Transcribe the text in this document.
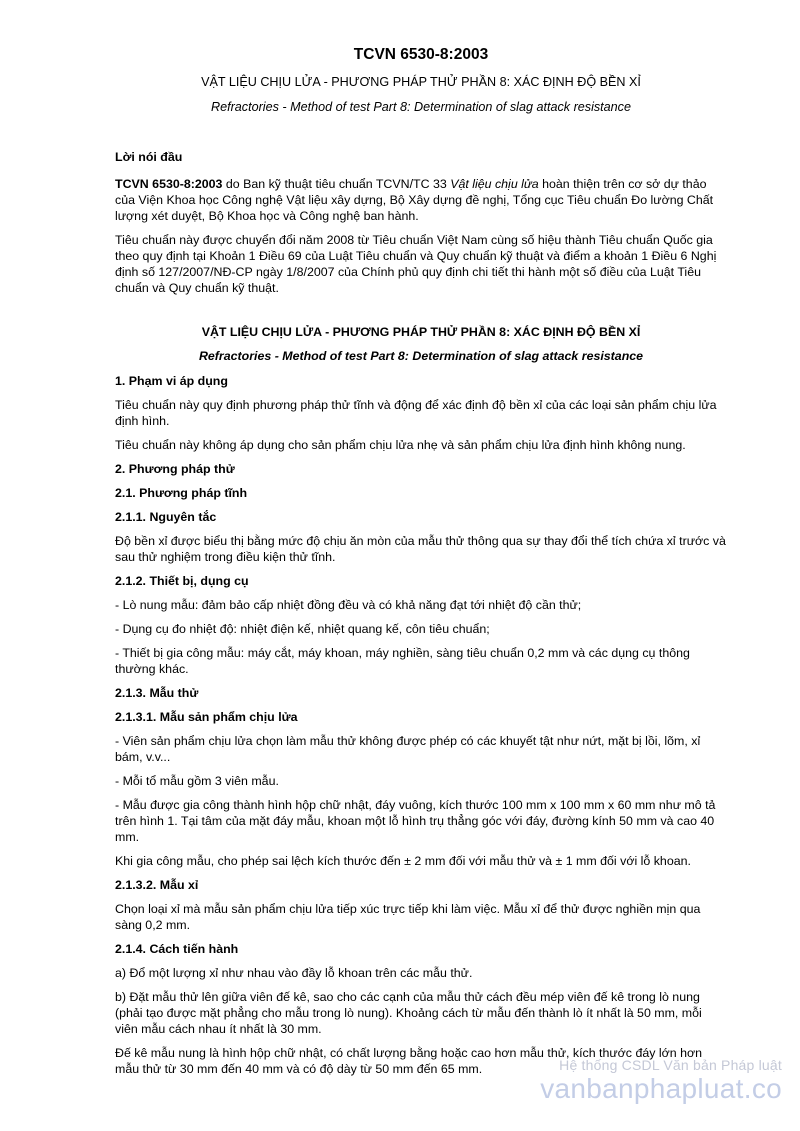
TCVN 6530-8:2003
VẬT LIỆU CHỊU LỬA - PHƯƠNG PHÁP THỬ PHẦN 8: XÁC ĐỊNH ĐỘ BỀN XỈ
Refractories - Method of test Part 8: Determination of slag attack resistance
Lời nói đầu

TCVN 6530-8:2003 do Ban kỹ thuật tiêu chuẩn TCVN/TC 33 Vật liệu chịu lửa hoàn thiện trên cơ sở dự thảo của Viện Khoa học Công nghệ Vật liệu xây dựng, Bộ Xây dựng đề nghị, Tổng cục Tiêu chuẩn Đo lường Chất lượng xét duyệt, Bộ Khoa học và Công nghệ ban hành.

Tiêu chuẩn này được chuyển đổi năm 2008 từ Tiêu chuẩn Việt Nam cùng số hiệu thành Tiêu chuẩn Quốc gia theo quy định tại Khoản 1 Điều 69 của Luật Tiêu chuẩn và Quy chuẩn kỹ thuật và điểm a khoản 1 Điều 6 Nghị định số 127/2007/NĐ-CP ngày 1/8/2007 của Chính phủ quy định chi tiết thi hành một số điều của Luật Tiêu chuẩn và Quy chuẩn kỹ thuật.

VẬT LIỆU CHỊU LỬA - PHƯƠNG PHÁP THỬ PHẦN 8: XÁC ĐỊNH ĐỘ BỀN XỈ
Refractories - Method of test Part 8: Determination of slag attack resistance
1. Phạm vi áp dụng

Tiêu chuẩn này quy định phương pháp thử tĩnh và động để xác định độ bền xỉ của các loại sản phẩm chịu lửa định hình.

Tiêu chuẩn này không áp dụng cho sản phẩm chịu lửa nhẹ và sản phẩm chịu lửa định hình không nung.

2. Phương pháp thử
2.1. Phương pháp tĩnh
2.1.1. Nguyên tắc

Độ bền xỉ được biểu thị bằng mức độ chịu ăn mòn của mẫu thử thông qua sự thay đổi thể tích chứa xỉ trước và sau thử nghiệm trong điều kiện thử tĩnh.

2.1.2. Thiết bị, dụng cụ

- Lò nung mẫu: đảm bảo cấp nhiệt đồng đều và có khả năng đạt tới nhiệt độ cần thử;

- Dụng cụ đo nhiệt độ: nhiệt điện kế, nhiệt quang kế, côn tiêu chuẩn;

- Thiết bị gia công mẫu: máy cắt, máy khoan, máy nghiền, sàng tiêu chuẩn 0,2 mm và các dụng cụ thông thường khác.

2.1.3. Mẫu thử
2.1.3.1. Mẫu sản phẩm chịu lửa

- Viên sản phẩm chịu lửa chọn làm mẫu thử không được phép có các khuyết tật như nứt, mặt bị lồi, lõm, xỉ bám, v.v...

- Mỗi tổ mẫu gồm 3 viên mẫu.

- Mẫu được gia công thành hình hộp chữ nhật, đáy vuông, kích thước 100 mm x 100 mm x 60 mm như mô tả trên hình 1. Tại tâm của mặt đáy mẫu, khoan một lỗ hình trụ thẳng góc với đáy, đường kính 50 mm và cao 40 mm.

Khi gia công mẫu, cho phép sai lệch kích thước đến ± 2 mm đối với mẫu thử và ± 1 mm đối với lỗ khoan.

2.1.3.2. Mẫu xỉ

Chọn loại xỉ mà mẫu sản phẩm chịu lửa tiếp xúc trực tiếp khi làm việc. Mẫu xỉ để thử được nghiền mịn qua sàng 0,2 mm.

2.1.4. Cách tiến hành

a) Đổ một lượng xỉ như nhau vào đầy lỗ khoan trên các mẫu thử.

b) Đặt mẫu thử lên giữa viên đế kê, sao cho các cạnh của mẫu thử cách đều mép viên đế kê trong lò nung (phải tạo được mặt phẳng cho mẫu trong lò nung). Khoảng cách từ mẫu đến thành lò ít nhất là 50 mm, mỗi viên mẫu cách nhau ít nhất là 30 mm.

Đế kê mẫu nung là hình hộp chữ nhật, có chất lượng bằng hoặc cao hơn mẫu thử, kích thước đáy lớn hơn mẫu thử từ 30 mm đến 40 mm và có độ dày từ 50 mm đến 65 mm.	Hệ thống CSDL Văn bản Pháp luật
vanbanphapluat.co
